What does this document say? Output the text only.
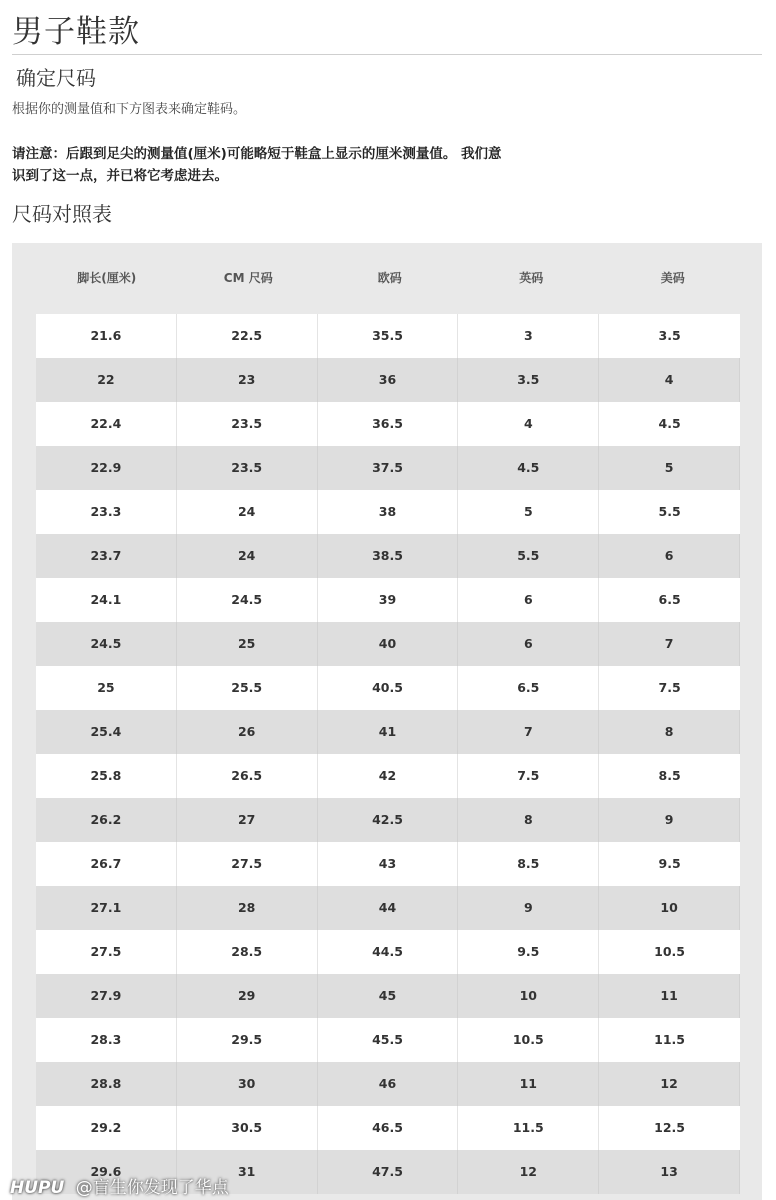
男子鞋款
确定尺码

根据你的测量值和下方图表来确定鞋码。

请注意：后跟到足尖的测量值(厘米)可能略短于鞋盒上显示的厘米测量值。 我们意识到了这一点，并已将它考虑进去。

尺码对照表
脚长(厘米)	CM 尺码	欧码	英码	美码
21.6	22.5	35.5	3	3.5
22	23	36	3.5	4
22.4	23.5	36.5	4	4.5
22.9	23.5	37.5	4.5	5
23.3	24	38	5	5.5
23.7	24	38.5	5.5	6
24.1	24.5	39	6	6.5
24.5	25	40	6	7
25	25.5	40.5	6.5	7.5
25.4	26	41	7	8
25.8	26.5	42	7.5	8.5
26.2	27	42.5	8	9
26.7	27.5	43	8.5	9.5
27.1	28	44	9	10
27.5	28.5	44.5	9.5	10.5
27.9	29	45	10	11
28.3	29.5	45.5	10.5	11.5
28.8	30	46	11	12
29.2	30.5	46.5	11.5	12.5
29.6	31	47.5	12	13
HUPU @盲生你发现了华点
